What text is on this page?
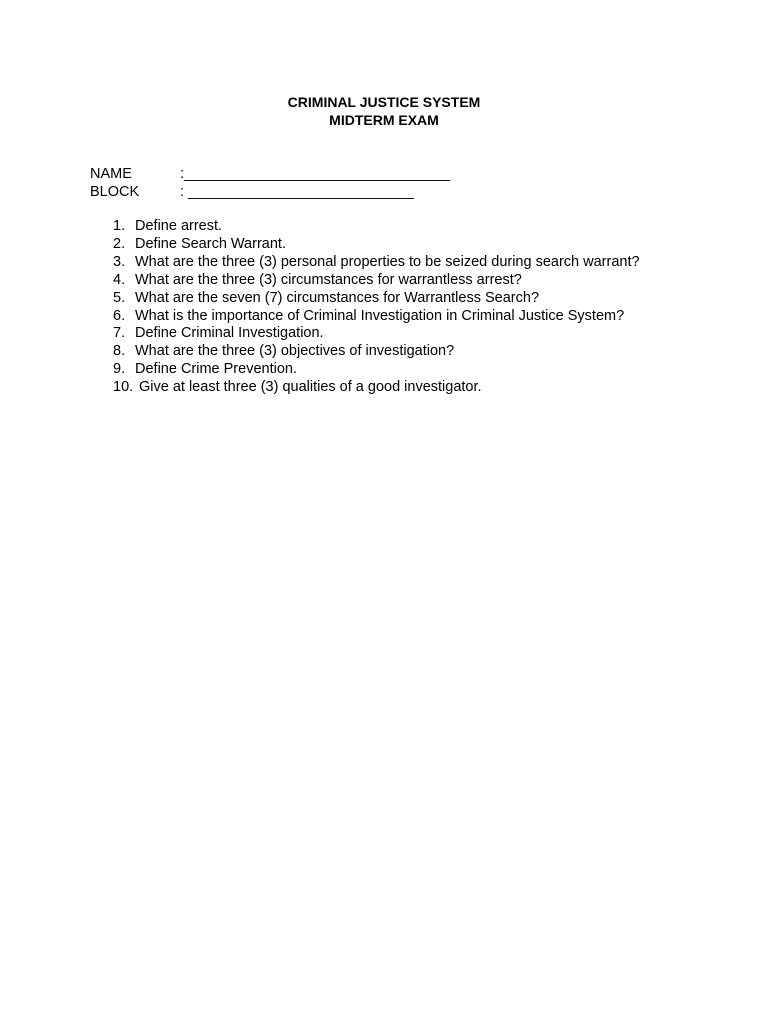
CRIMINAL JUSTICE SYSTEM
MIDTERM EXAM
NAME	:_________________________________
BLOCK	: ____________________________
1. Define arrest.
2. Define Search Warrant.
3. What are the three (3) personal properties to be seized during search warrant?
4. What are the three (3) circumstances for warrantless arrest?
5. What are the seven (7) circumstances for Warrantless Search?
6. What is the importance of Criminal Investigation in Criminal Justice System?
7. Define Criminal Investigation.
8. What are the three (3) objectives of investigation?
9. Define Crime Prevention.
10. Give at least three (3) qualities of a good investigator.
